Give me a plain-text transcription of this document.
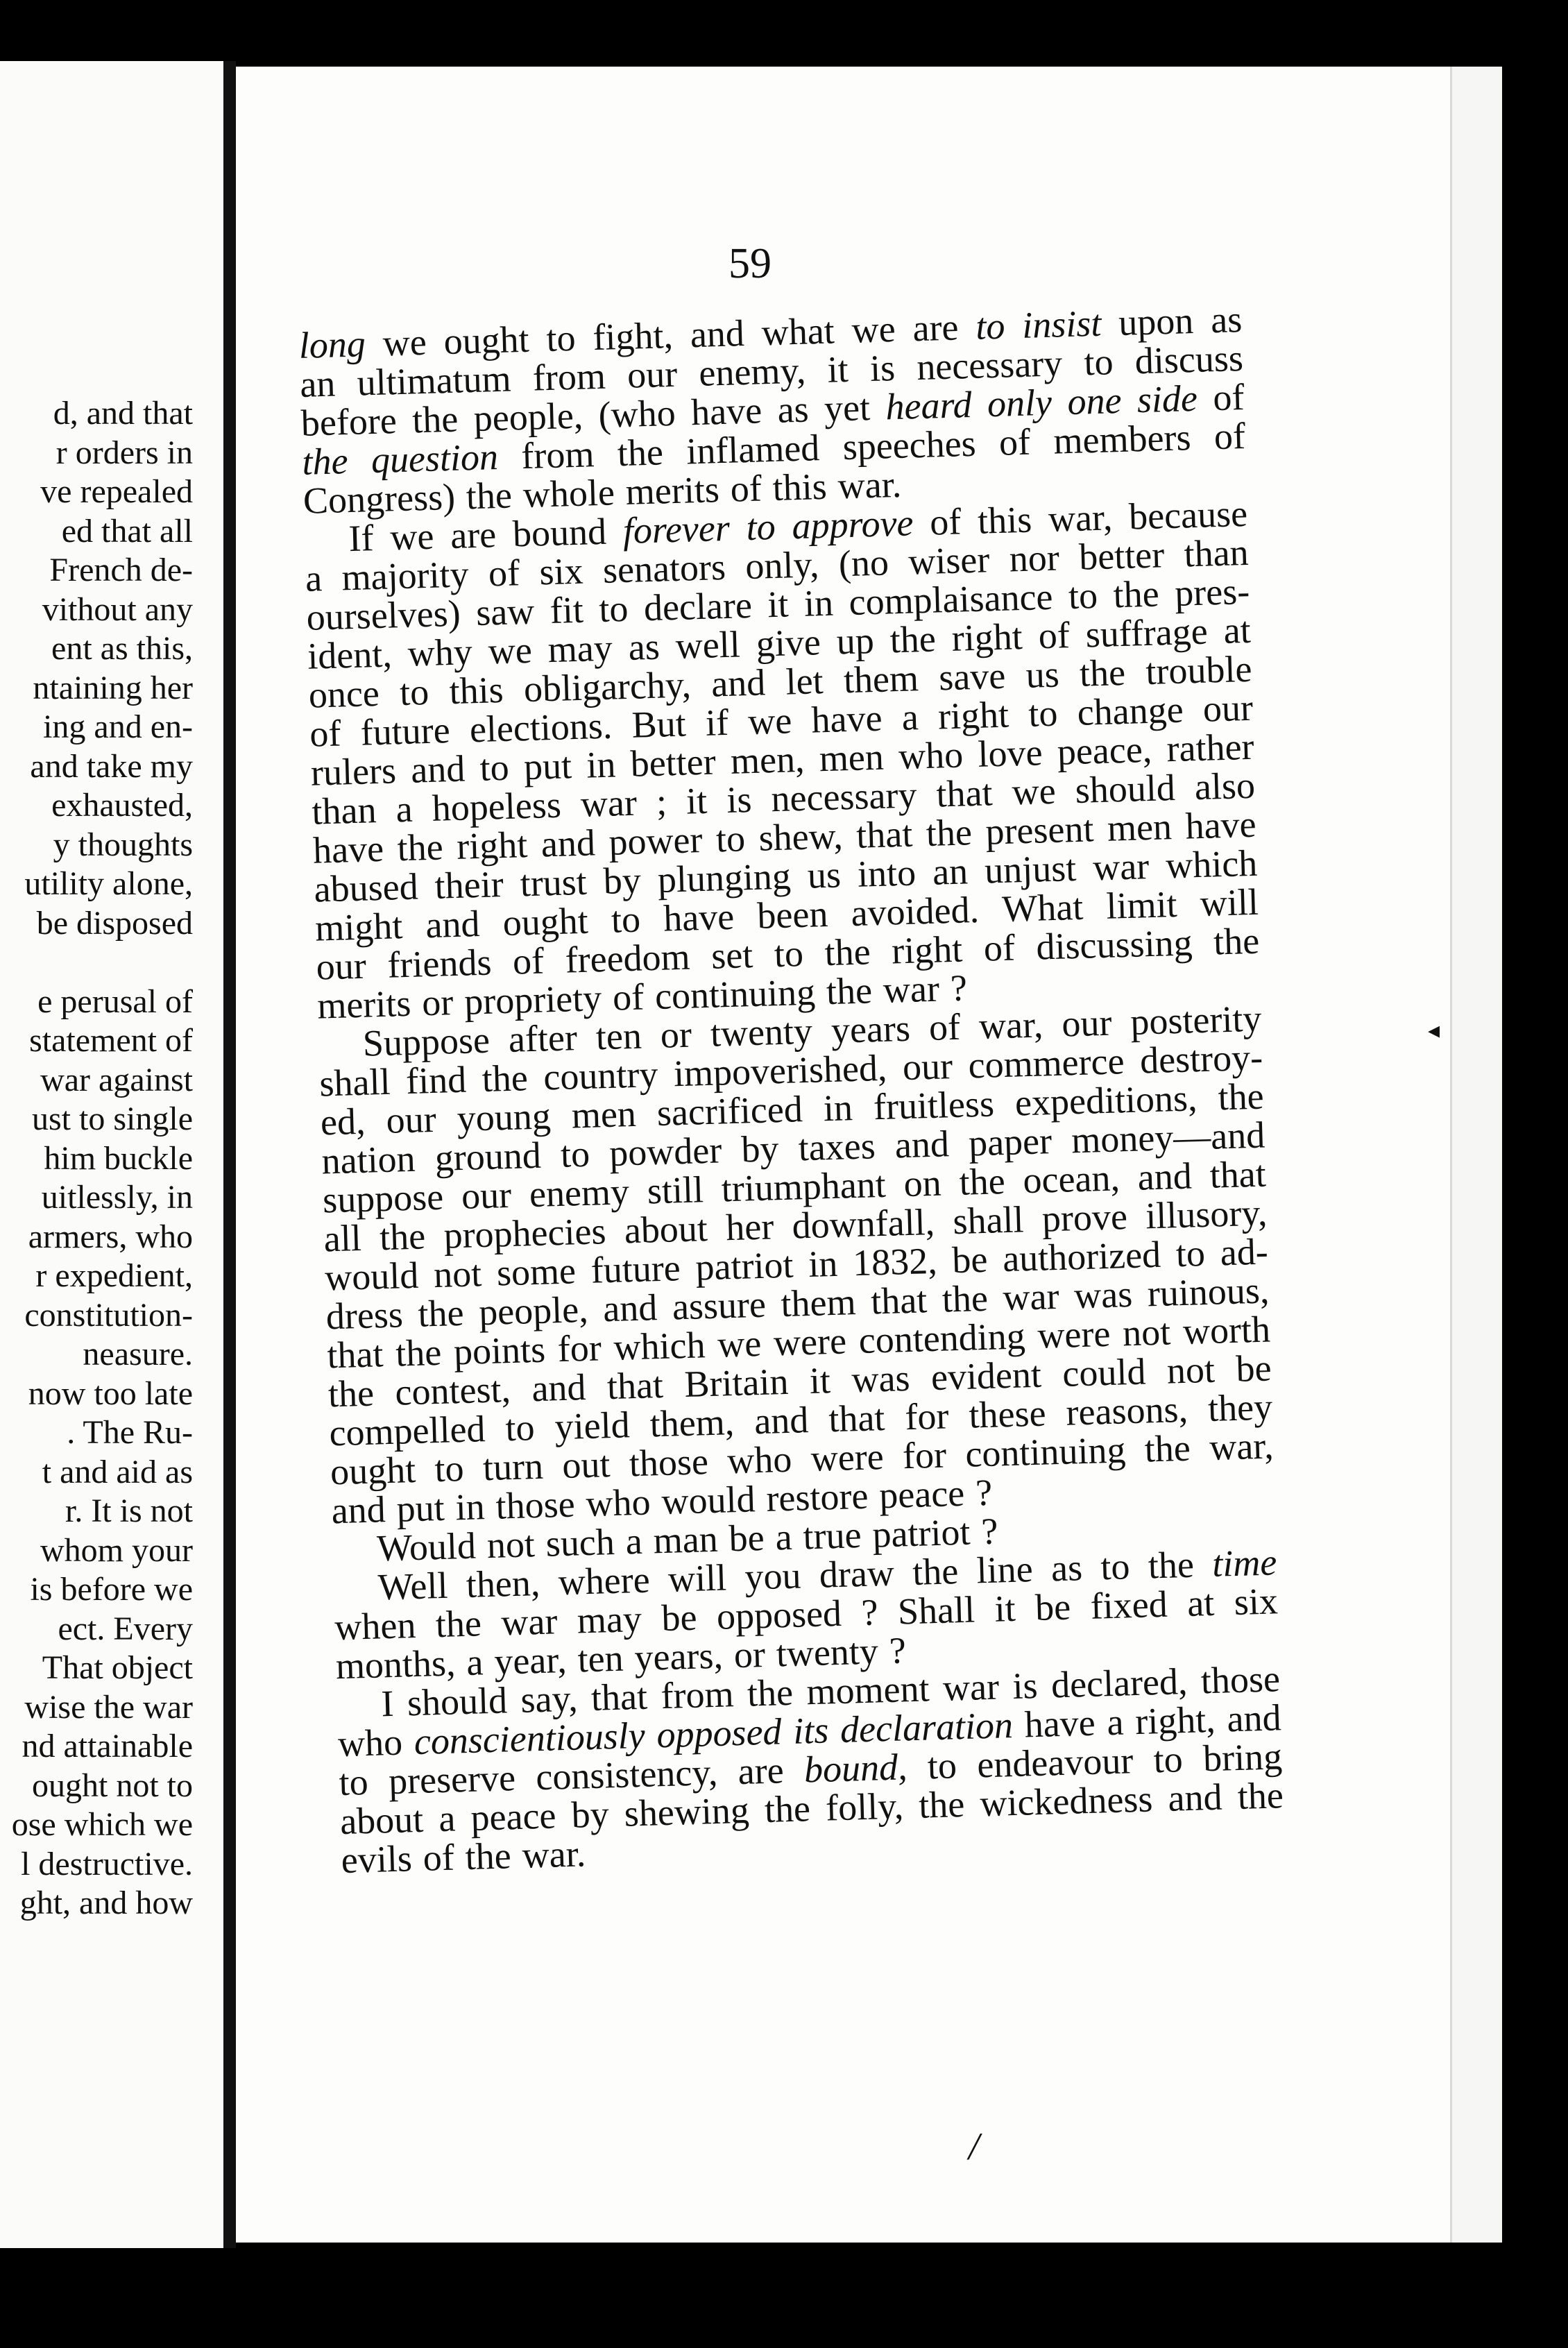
d, and that
r orders in
ve repealed
ed that all
French de-
vithout any
ent as this,
ntaining her
ing and en-
and take my
exhausted,
y thoughts
utility alone,
be disposed
e perusal of
statement of
war against
ust to single
him buckle
uitlessly, in
armers, who
r expedient,
constitution-
neasure.
now too late
. The Ru-
t and aid as
r. It is not
whom your
is before we
ect. Every
That object
wise the war
nd attainable
ought not to
ose which we
l destructive.
ght, and how
59
long we ought to fight, and what we are to insist upon as
an ultimatum from our enemy, it is necessary to discuss
before the people, (who have as yet heard only one side of
the question from the inflamed speeches of members of
Congress) the whole merits of this war.
If we are bound forever to approve of this war, because
a majority of six senators only, (no wiser nor better than
ourselves) saw fit to declare it in complaisance to the pres-
ident, why we may as well give up the right of suffrage at
once to this obligarchy, and let them save us the trouble
of future elections. But if we have a right to change our
rulers and to put in better men, men who love peace, rather
than a hopeless war ; it is necessary that we should also
have the right and power to shew, that the present men have
abused their trust by plunging us into an unjust war which
might and ought to have been avoided. What limit will
our friends of freedom set to the right of discussing the
merits or propriety of continuing the war ?
Suppose after ten or twenty years of war, our posterity
shall find the country impoverished, our commerce destroy-
ed, our young men sacrificed in fruitless expeditions, the
nation ground to powder by taxes and paper money—and
suppose our enemy still triumphant on the ocean, and that
all the prophecies about her downfall, shall prove illusory,
would not some future patriot in 1832, be authorized to ad-
dress the people, and assure them that the war was ruinous,
that the points for which we were contending were not worth
the contest, and that Britain it was evident could not be
compelled to yield them, and that for these reasons, they
ought to turn out those who were for continuing the war,
and put in those who would restore peace ?
Would not such a man be a true patriot ?
Well then, where will you draw the line as to the time
when the war may be opposed ? Shall it be fixed at six
months, a year, ten years, or twenty ?
I should say, that from the moment war is declared, those
who conscientiously opposed its declaration have a right, and
to preserve consistency, are bound, to endeavour to bring
about a peace by shewing the folly, the wickedness and the
evils of the war.
◂
/
